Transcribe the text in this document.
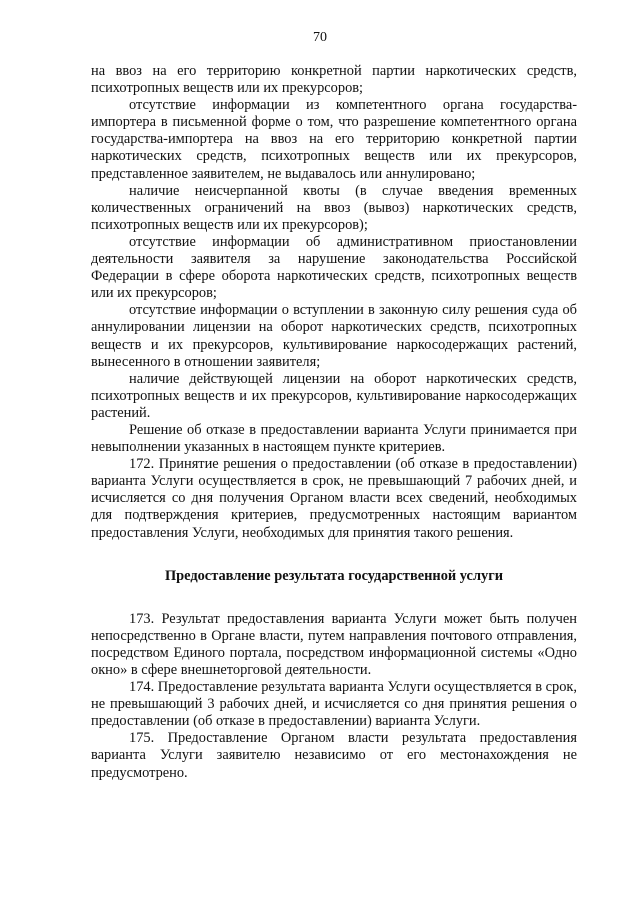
70

на ввоз на его территорию конкретной партии наркотических средств, психотропных веществ или их прекурсоров;

отсутствие информации из компетентного органа государства-импортера в письменной форме о том, что разрешение компетентного органа государства-импортера на ввоз на его территорию конкретной партии наркотических средств, психотропных веществ или их прекурсоров, представленное заявителем, не выдавалось или аннулировано;

наличие неисчерпанной квоты (в случае введения временных количественных ограничений на ввоз (вывоз) наркотических средств, психотропных веществ или их прекурсоров);

отсутствие информации об административном приостановлении деятельности заявителя за нарушение законодательства Российской Федерации в сфере оборота наркотических средств, психотропных веществ или их прекурсоров;

отсутствие информации о вступлении в законную силу решения суда об аннулировании лицензии на оборот наркотических средств, психотропных веществ и их прекурсоров, культивирование наркосодержащих растений, вынесенного в отношении заявителя;

наличие действующей лицензии на оборот наркотических средств, психотропных веществ и их прекурсоров, культивирование наркосодержащих растений.

Решение об отказе в предоставлении варианта Услуги принимается при невыполнении указанных в настоящем пункте критериев.

172. Принятие решения о предоставлении (об отказе в предоставлении) варианта Услуги осуществляется в срок, не превышающий 7 рабочих дней, и исчисляется со дня получения Органом власти всех сведений, необходимых для подтверждения критериев, предусмотренных настоящим вариантом предоставления Услуги, необходимых для принятия такого решения.

Предоставление результата государственной услуги

173. Результат предоставления варианта Услуги может быть получен непосредственно в Органе власти, путем направления почтового отправления, посредством Единого портала, посредством информационной системы «Одно окно» в сфере внешнеторговой деятельности.

174. Предоставление результата варианта Услуги осуществляется в срок, не превышающий 3 рабочих дней, и исчисляется со дня принятия решения о предоставлении (об отказе в предоставлении) варианта Услуги.

175. Предоставление Органом власти результата предоставления варианта Услуги заявителю независимо от его местонахождения не предусмотрено.
